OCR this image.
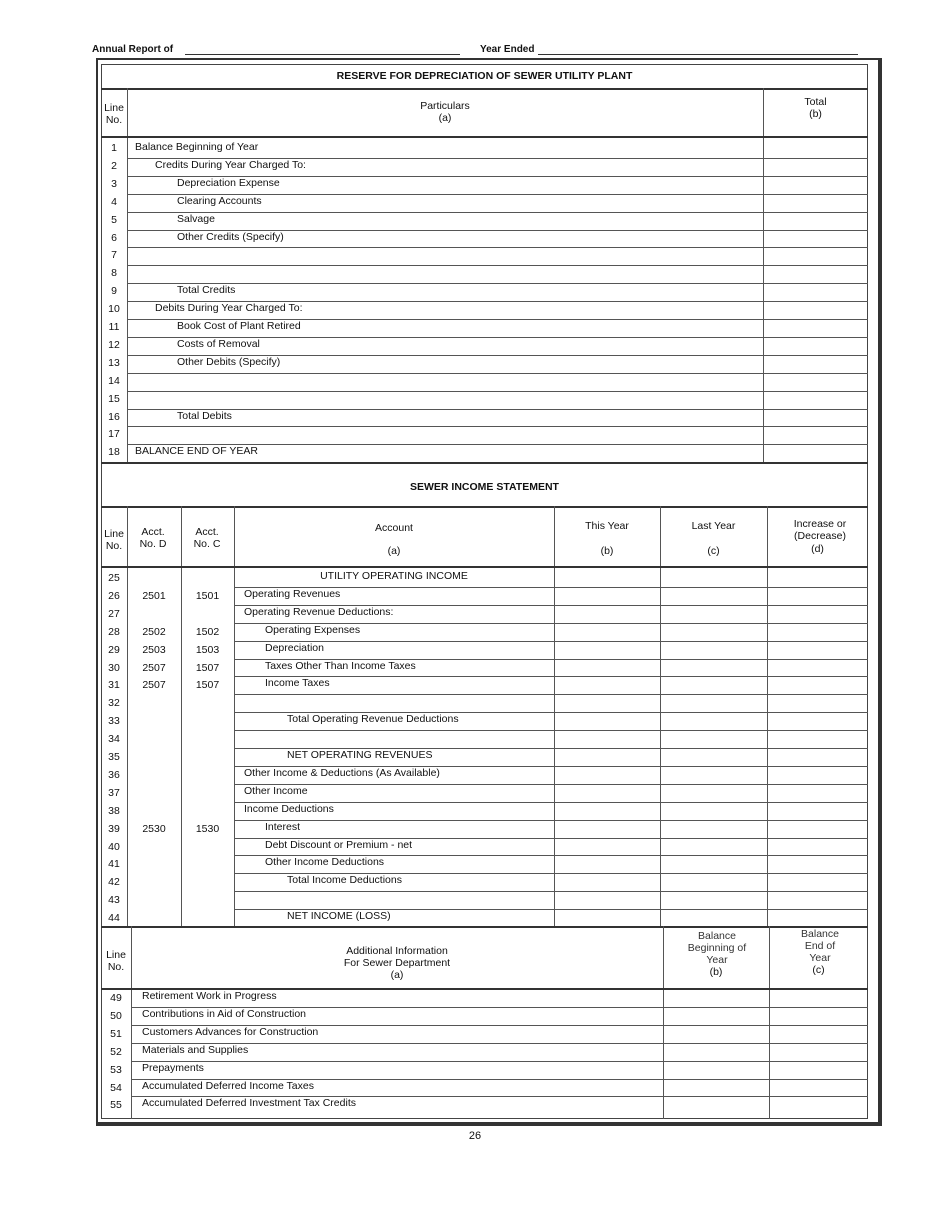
Annual Report of	Year Ended
RESERVE FOR DEPRECIATION OF SEWER UTILITY PLANT
Line No.
Particulars
(a)
Total
(b)
1	Balance Beginning of Year
2	Credits During Year Charged To:
3	Depreciation Expense
4	Clearing Accounts
5	Salvage
6	Other Credits (Specify)
7
8
9	Total Credits
10	Debits During Year Charged To:
11	Book Cost of Plant Retired
12	Costs of Removal
13	Other Debits (Specify)
14
15
16	Total Debits
17
18	BALANCE END OF YEAR
SEWER INCOME STATEMENT
Line No.
Acct. No. D
Acct. No. C
Account
(a)
This Year
(b)
Last Year
(c)
Increase or (Decrease)
(d)
25	UTILITY OPERATING INCOME
26	2501	1501	Operating Revenues
27	Operating Revenue Deductions:
28	2502	1502	Operating Expenses
29	2503	1503	Depreciation
30	2507	1507	Taxes Other Than Income Taxes
31	2507	1507	Income Taxes
32
33	Total Operating Revenue Deductions
34
35	NET OPERATING REVENUES
36	Other Income & Deductions (As Available)
37	Other Income
38	Income Deductions
39	2530	1530	Interest
40	Debt Discount or Premium - net
41	Other Income Deductions
42	Total Income Deductions
43
44	NET INCOME (LOSS)
Line No.
Additional Information
For Sewer Department
(a)
Balance Beginning of Year
(b)
Balance End of Year
(c)
49	Retirement Work in Progress
50	Contributions in Aid of Construction
51	Customers Advances for Construction
52	Materials and Supplies
53	Prepayments
54	Accumulated Deferred Income Taxes
55	Accumulated Deferred Investment Tax Credits
26
